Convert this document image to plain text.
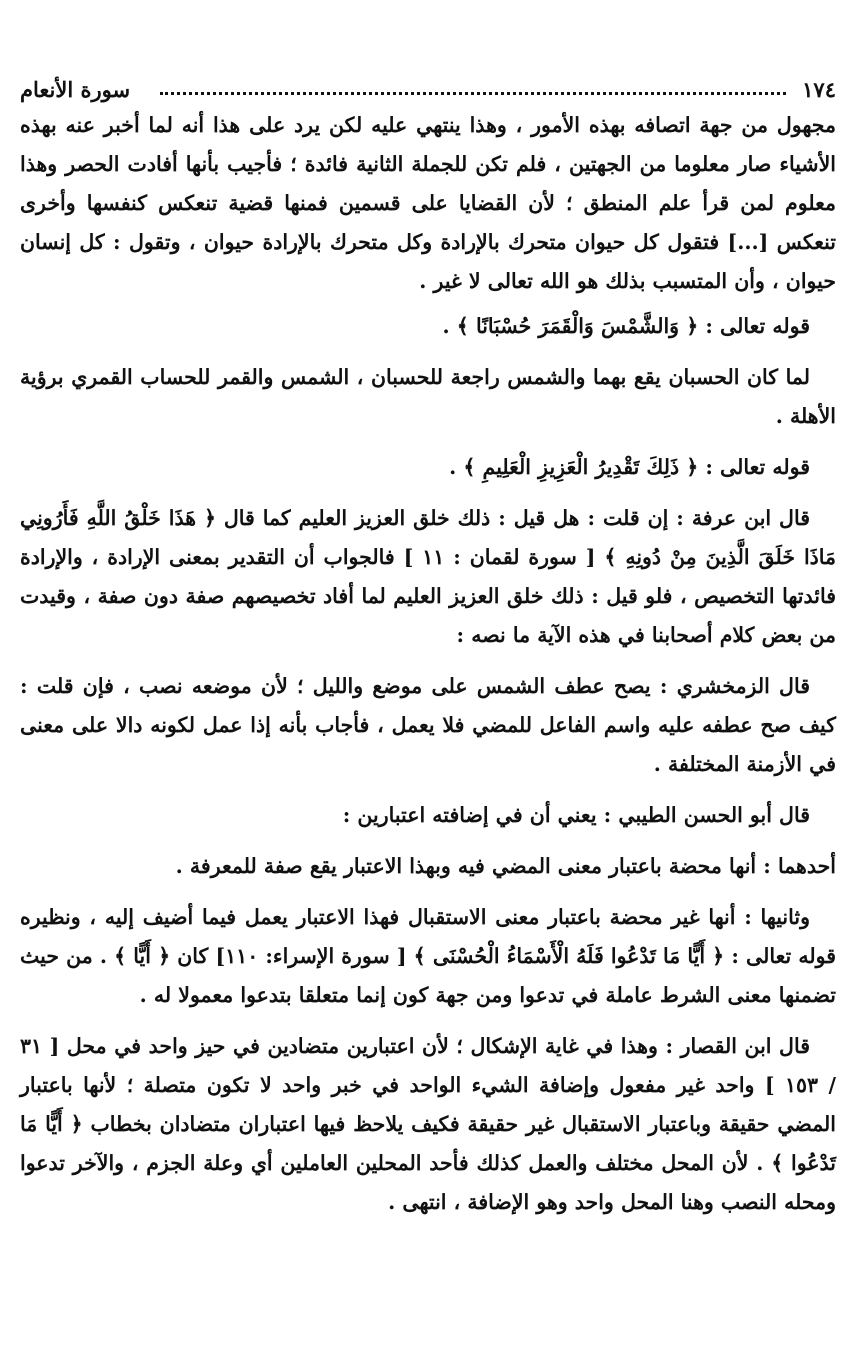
١٧٤
سورة الأنعام

مجهول من جهة اتصافه بهذه الأمور ، وهذا ينتهي عليه لكن يرد على هذا أنه لما أخبر عنه بهذه الأشياء صار معلوما من الجهتين ، فلم تكن للجملة الثانية فائدة ؛ فأجيب بأنها أفادت الحصر وهذا معلوم لمن قرأ علم المنطق ؛ لأن القضايا على قسمين فمنها قضية تنعكس كنفسها وأخرى تنعكس [...] فتقول كل حيوان متحرك بالإرادة وكل متحرك بالإرادة حيوان ، وتقول : كل إنسان حيوان ، وأن المتسبب بذلك هو الله تعالى لا غير .

قوله تعالى : ﴿ وَالشَّمْسَ وَالْقَمَرَ حُسْبَانًا ﴾ .

لما كان الحسبان يقع بهما والشمس راجعة للحسبان ، الشمس والقمر للحساب القمري برؤية الأهلة .

قوله تعالى : ﴿ ذَلِكَ تَقْدِيرُ الْعَزِيزِ الْعَلِيمِ ﴾ .

قال ابن عرفة : إن قلت : هل قيل : ذلك خلق العزيز العليم كما قال ﴿ هَذَا خَلْقُ اللَّهِ فَأَرُونِي مَاذَا خَلَقَ الَّذِينَ مِنْ دُونِهِ ﴾ [ سورة لقمان : ١١ ] فالجواب أن التقدير بمعنى الإرادة ، والإرادة فائدتها التخصيص ، فلو قيل : ذلك خلق العزيز العليم لما أفاد تخصيصهم صفة دون صفة ، وقيدت من بعض كلام أصحابنا في هذه الآية ما نصه :

قال الزمخشري : يصح عطف الشمس على موضع والليل ؛ لأن موضعه نصب ، فإن قلت : كيف صح عطفه عليه واسم الفاعل للمضي فلا يعمل ، فأجاب بأنه إذا عمل لكونه دالا على معنى في الأزمنة المختلفة .

قال أبو الحسن الطيبي : يعني أن في إضافته اعتبارين :

أحدهما : أنها محضة باعتبار معنى المضي فيه وبهذا الاعتبار يقع صفة للمعرفة .

وثانيها : أنها غير محضة باعتبار معنى الاستقبال فهذا الاعتبار يعمل فيما أضيف إليه ، ونظيره قوله تعالى : ﴿ أَيًّا مَا تَدْعُوا فَلَهُ الْأَسْمَاءُ الْحُسْنَى ﴾ [ سورة الإسراء: ١١٠] كان ﴿ أَيًّا ﴾ . من حيث تضمنها معنى الشرط عاملة في تدعوا ومن جهة كون إنما متعلقا بتدعوا معمولا له .

قال ابن القصار : وهذا في غاية الإشكال ؛ لأن اعتبارين متضادين في حيز واحد في محل [ ٣١ / ١٥٣ ] واحد غير مفعول وإضافة الشيء الواحد في خبر واحد لا تكون متصلة ؛ لأنها باعتبار المضي حقيقة وباعتبار الاستقبال غير حقيقة فكيف يلاحظ فيها اعتباران متضادان بخطاب ﴿ أَيًّا مَا تَدْعُوا ﴾ . لأن المحل مختلف والعمل كذلك فأحد المحلين العاملين أي وعلة الجزم ، والآخر تدعوا ومحله النصب وهنا المحل واحد وهو الإضافة ، انتهى .
